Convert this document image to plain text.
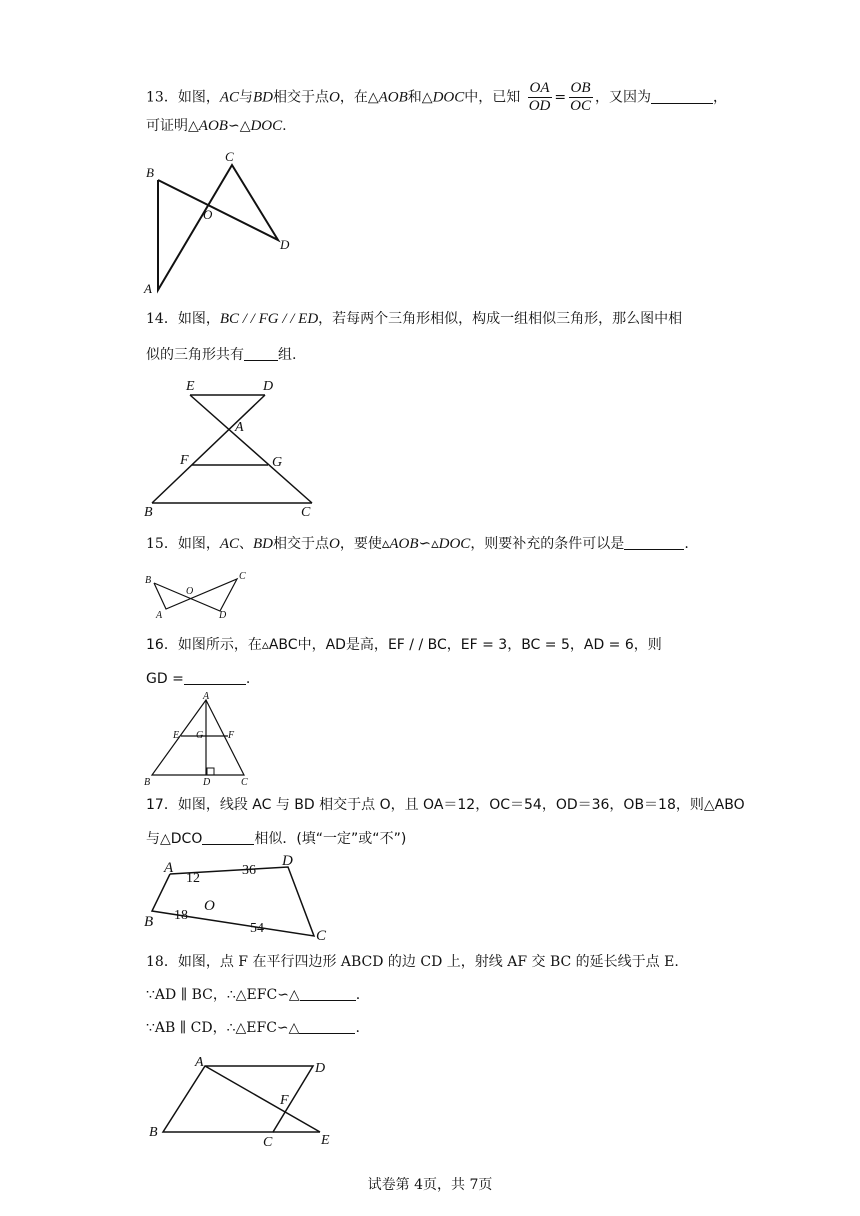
13．如图，AC与BD相交于点O，在△AOB和△DOC中，已知 $\frac{OA}{OD} = \frac{OB}{OC}$ ，又因为	，
可证明△AOB∽△DOC.
B
C
O
D
A
14．如图，BC / / FG / / ED，若每两个三角形相似，构成一组相似三角形，那么图中相
似的三角形共有 组.
E	D
A
F	G
B	C
15．如图，AC、BD相交于点O，要使▵AOB∽▵DOC，则要补充的条件可以是	.
B
A
O
D
C
16．如图所示，在▵ABC中，AD是高，EF / / BC，EF = 3，BC = 5，AD = 6，则
GD =	.
A
E G F
B	D	C
17．如图，线段 AC 与 BD 相交于点 O，且 OA＝12，OC＝54，OD＝36，OB＝18，则△ABO
与△DCO	相似．(填“一定”或“不”)
A
B
O
D
C
12
36
18
54
18．如图，点 F 在平行四边形 ABCD 的边 CD 上，射线 AF 交 BC 的延长线于点 E.
∵AD ∥ BC，∴△EFC∽△	.
∵AB ∥ CD，∴△EFC∽△	.
A	D
F
B
C	E
试卷第 4页，共 7页
